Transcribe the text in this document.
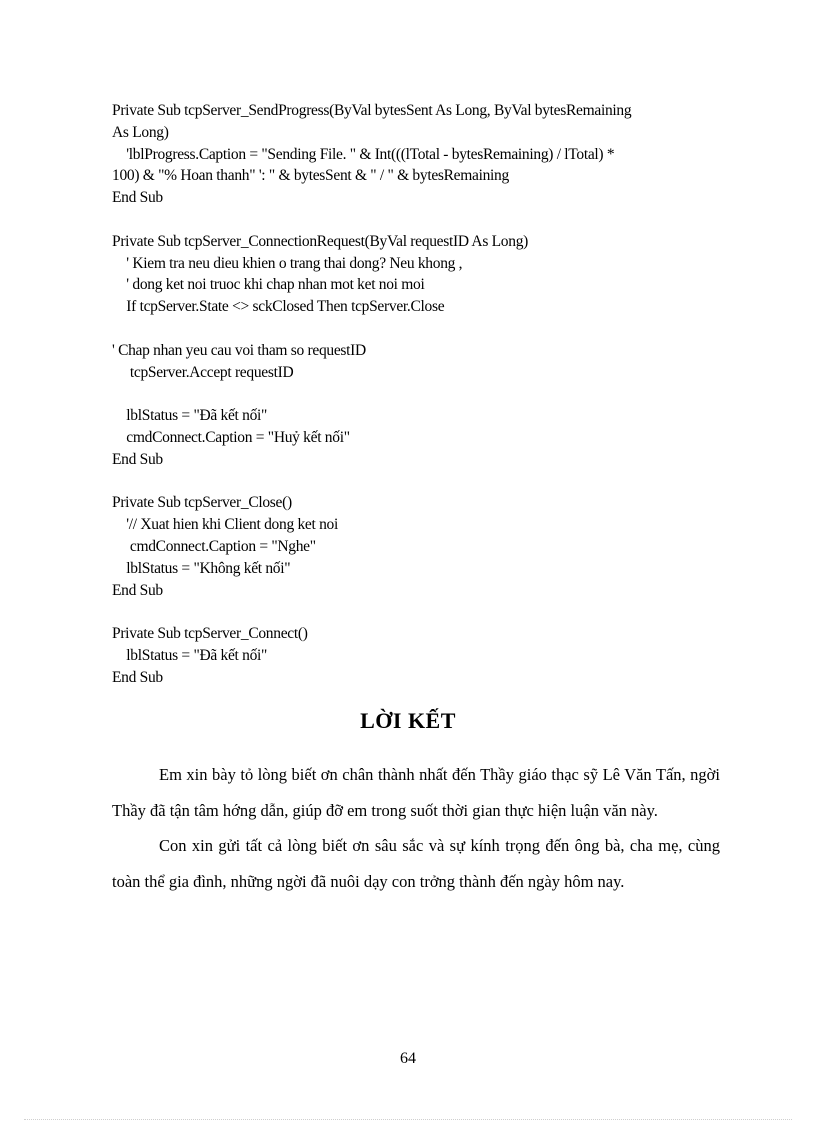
Private Sub tcpServer_SendProgress(ByVal bytesSent As Long, ByVal bytesRemaining
As Long)
'lblProgress.Caption = "Sending File. " & Int(((lTotal - bytesRemaining) / lTotal) *
100) & "% Hoan thanh" ': " & bytesSent & " / " & bytesRemaining
End Sub
Private Sub tcpServer_ConnectionRequest(ByVal requestID As Long)
' Kiem tra neu dieu khien o trang thai dong? Neu khong ,
' dong ket noi truoc khi chap nhan mot ket noi moi
If tcpServer.State <> sckClosed Then tcpServer.Close
' Chap nhan yeu cau voi tham so requestID
tcpServer.Accept requestID
lblStatus = "Đã kết nối"
cmdConnect.Caption = "Huỷ kết nối"
End Sub
Private Sub tcpServer_Close()
'// Xuat hien khi Client dong ket noi
cmdConnect.Caption = "Nghe"
lblStatus = "Không kết nối"
End Sub
Private Sub tcpServer_Connect()
lblStatus = "Đã kết nối"
End Sub
LỜI KẾT

Em xin bày tỏ lòng biết ơn chân thành nhất đến Thầy giáo thạc sỹ Lê Văn Tấn, ngời Thầy đã tận tâm hớng dẫn, giúp đỡ em trong suốt thời gian thực hiện luận văn này.

Con xin gửi tất cả lòng biết ơn sâu sắc và sự kính trọng đến ông bà, cha mẹ, cùng toàn thể gia đình, những ngời đã nuôi dạy con trởng thành đến ngày hôm nay.

64
